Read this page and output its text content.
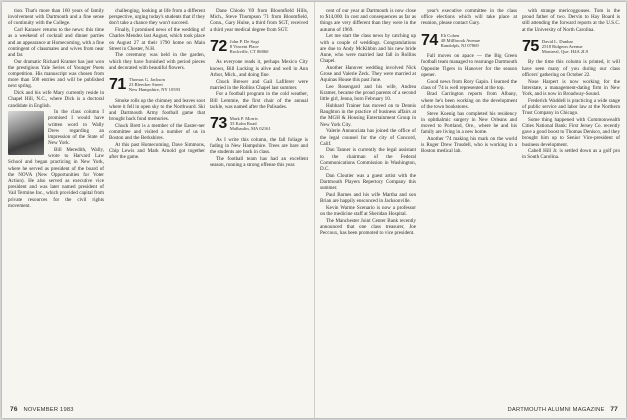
tion. That's more than 160 years of family involvement with Dartmouth and a fine sense of continuity with the College.

Carl Karasev returns to the news: this time as a weekend of cocktail and dinner parties and an appearance at Homecoming, with a fine contingent of classmates and wives from near and far.

Our dramatic Richard Kramer has just won the prestigious Yale Series of Younger Poets competition. His manuscript was chosen from more than 500 entries and will be published next spring.

Dick and his wife Mary currently reside in Chapel Hill, N.C., where Dick is a doctoral candidate in English.

In the class column I promised I would have written word to Wally Drew regarding an impression of the State of New York.

Bill Meredith, Wally, wrote to Harvard Law School and began practicing in New York, where he served as president of the board of the NOVA (New Opportunities for Voter Action). He also served as executive vice president and was later named president of Vail Termine Inc., which provided capital from private resources for the civil rights movement.

challenging, looking at life from a different perspective, urging today's students that if they don't take a chance they won't succeed.

Finally, I promised news of the wedding of Charles Mendez last August, which took place on August 27 at their 1790 home on Main Street in Chester, N.H.

The ceremony was held in the garden, which they have furnished with period pieces and decorated with beautiful flowers.

71 Thomas G. Jackson
23 Bleecker Street
New Hampshire, NY 10593

Smoke rolls up the chimney and leaves soot where it fell in open sky to the Northward. Ski and Dartmouth Army football game that brought back fond memories.

Chuck Brett is a member of the Easter-ner committee and visited a number of us in Boston and the Berkshires.

At this past Homecoming, Dave Simmons, Chip Lewis and Mark Arnold got together after the game.

Dane Chiodo '69 from Bloomfield Hills, Mich., Steve Thompson '71 from Bloomfield, Conn., Gary Hulse, a third from SGT, received a third year medical degree from SGT.

72 John P. De Sogi
8 Vincent Place
Rockville, CT 06860

As everyone reads it, perhaps Mexico City knows, Bill Lucking is alive and well in Ann Arbor, Mich., and doing fine.

Chuck Brewer and Gail Lafiferer were married in the Rollins Chapel last summer.

For a football program in the cold weather, Bill Lemmie, the first chair of the annual tackle, was named after the Palisades.

73 Mark P. Morris
33 Kohn Road
Malbaulin, MA 02161

As I write this column, the fall foliage is fading in New Hampshire. Trees are bare and the students are back in class.

The football team has had an excellent season, running a strong offense this year.

cent of our year at Dartmouth is now close to $14,000. In cost and consequences as far as things are very different than they were in the autumn of 1969.

Let me start the class news by catching up with a couple of weddings. Congratulations are due to Andy McKibbin and his new bride Anne, who were married last fall in Rollins Chapel.

Another Hanover wedding involved Nick Grose and Valerie Zeck. They were married at Aquinas House this past June.

Lee Rosengard and his wife, Andrea Kramer, became the proud parents of a second little girl, Jenna, born February 10.

Hubbard Trainer has moved on to Dennis Raughton in the practice of business affairs at the MGH & Housing Entertainment Group in New York City.

Valerie Annunciata has joined the office of the legal counsel for the city of Concord, Calif.

Dan Tanner is currently the legal assistant to the chairman of the Federal Communications Commission in Washington, D.C.

Dan Cloutier was a guest artist with the Dartmouth Players Repertory Company this summer.

Paul Barnes and his wife Martha and son Brian are happily ensconced in Jacksonville.

Kevin Warme Scenario is now a professor on the medicine staff at Sheridan Hospital.

The Manchester Joint Center Bank recently announced that one class treasurer, Joe Peccoux, has been promoted to vice president.

year's executive committee in the class office elections which will take place at reunion, please contact Gary.

74 Eli Cohen
48 Millbrook Avenue
Randolph, NJ 07869

Fall moves on apace — the Big Green football team managed to rearrange Dartmouth Opposite Tigers in Hanover for the season opener.

Good news from Rory Gapin. I learned the class of '74 is well represented at the top.

Brad Carrington reports from Albany, where he's been working on the development of the town bookstores.

Steve Koenig has completed his residency in ophthalmic surgery in New Orleans and moved to Portland, Ore., where he and his family are living in a new home.

Another '74 making his mark on the world is Roger Drew Trusdell, who is working in a Boston medical lab.

with strange mericoggouses. Tom is the proud father of two. Dervin to Hay Board is still attending the forward reports at the U.S.C. at the University of North Carolina.

75 David L. Dunbar
2518 Ridgeon Avenue
Montreal, Que. H4A 2L9

By the time this column is printed, it will have seen many of you during our class officers' gathering on October 22.

Nose Harpert is now working for the Interstate, a management-dating firm in New York, and is now in Broadway-Sound.

Frederick Waddell is practicing a wide range of public service and labor law at the Northern Trust Company in Chicago.

Some thing happened with Commonwealth Cities National Bank: First Jersey Co. recently gave a good boost to Thomas Denisco, and they brought him up to Senior Vice-president of business development.

Cabell Hill Jr. is settled down as a golf pro in South Carolina.

76 NOVEMBER 1983	DARTMOUTH ALUMNI MAGAZINE 77
